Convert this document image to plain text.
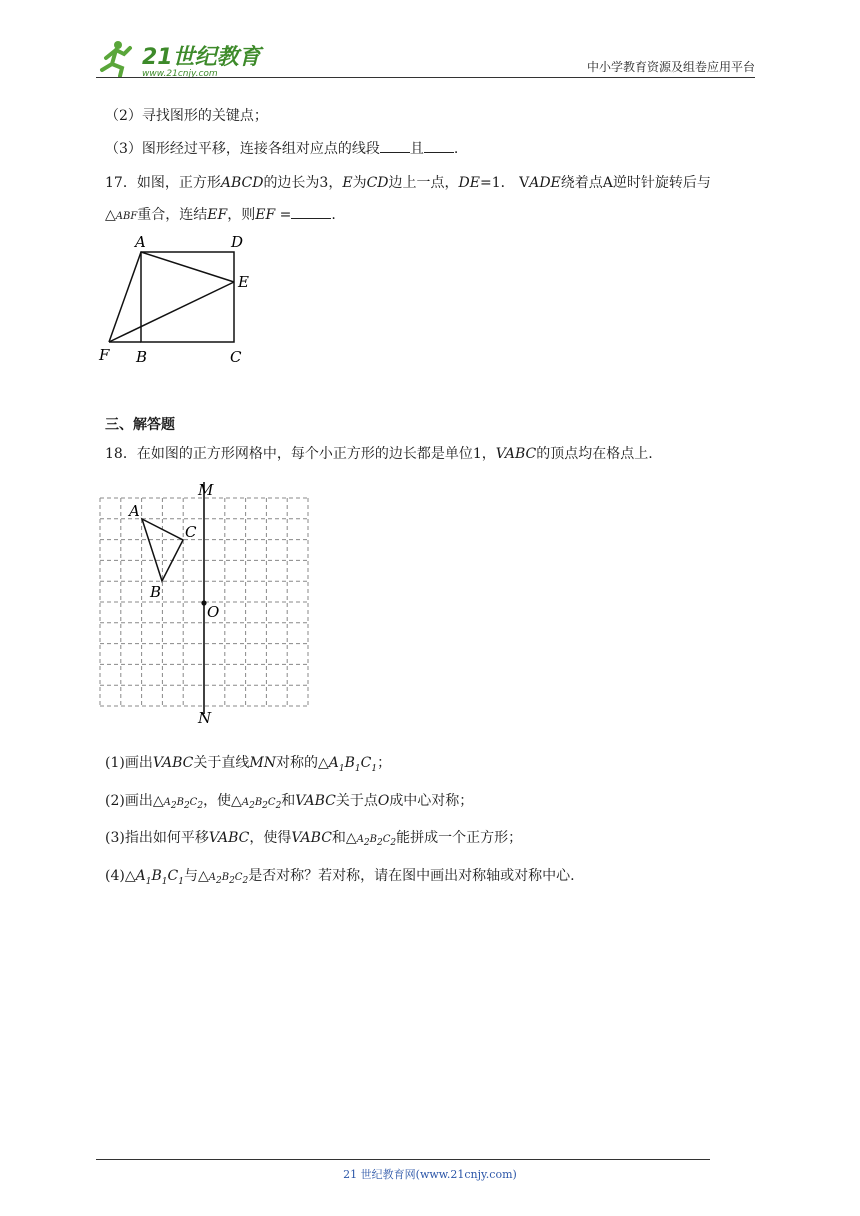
21世纪教育
www.21cnjy.com	中小学教育资源及组卷应用平台
（2）寻找图形的关键点；
（3）图形经过平移，连接各组对应点的线段 且 .
17．如图，正方形ABCD的边长为3，E为CD边上一点，DE=1． VADE绕着点A逆时针旋转后与
△ABF重合，连结EF，则EF =	.
A	D
E
F B	C
三、解答题
18．在如图的正方形网格中，每个小正方形的边长都是单位1，VABC的顶点均在格点上.
A
C
B
O
M
N
(1)画出VABC关于直线MN对称的$\triangle A_1B_1C_1$；
(2)画出△A2B2C2，使△A2B2C2和VABC关于点O成中心对称；
(3)指出如何平移VABC，使得VABC和△A2B2C2能拼成一个正方形；
$(4)\triangle A_1B_1C_1$与△A2B2C2是否对称？若对称，请在图中画出对称轴或对称中心.
21 世纪教育网(www.21cnjy.com)
